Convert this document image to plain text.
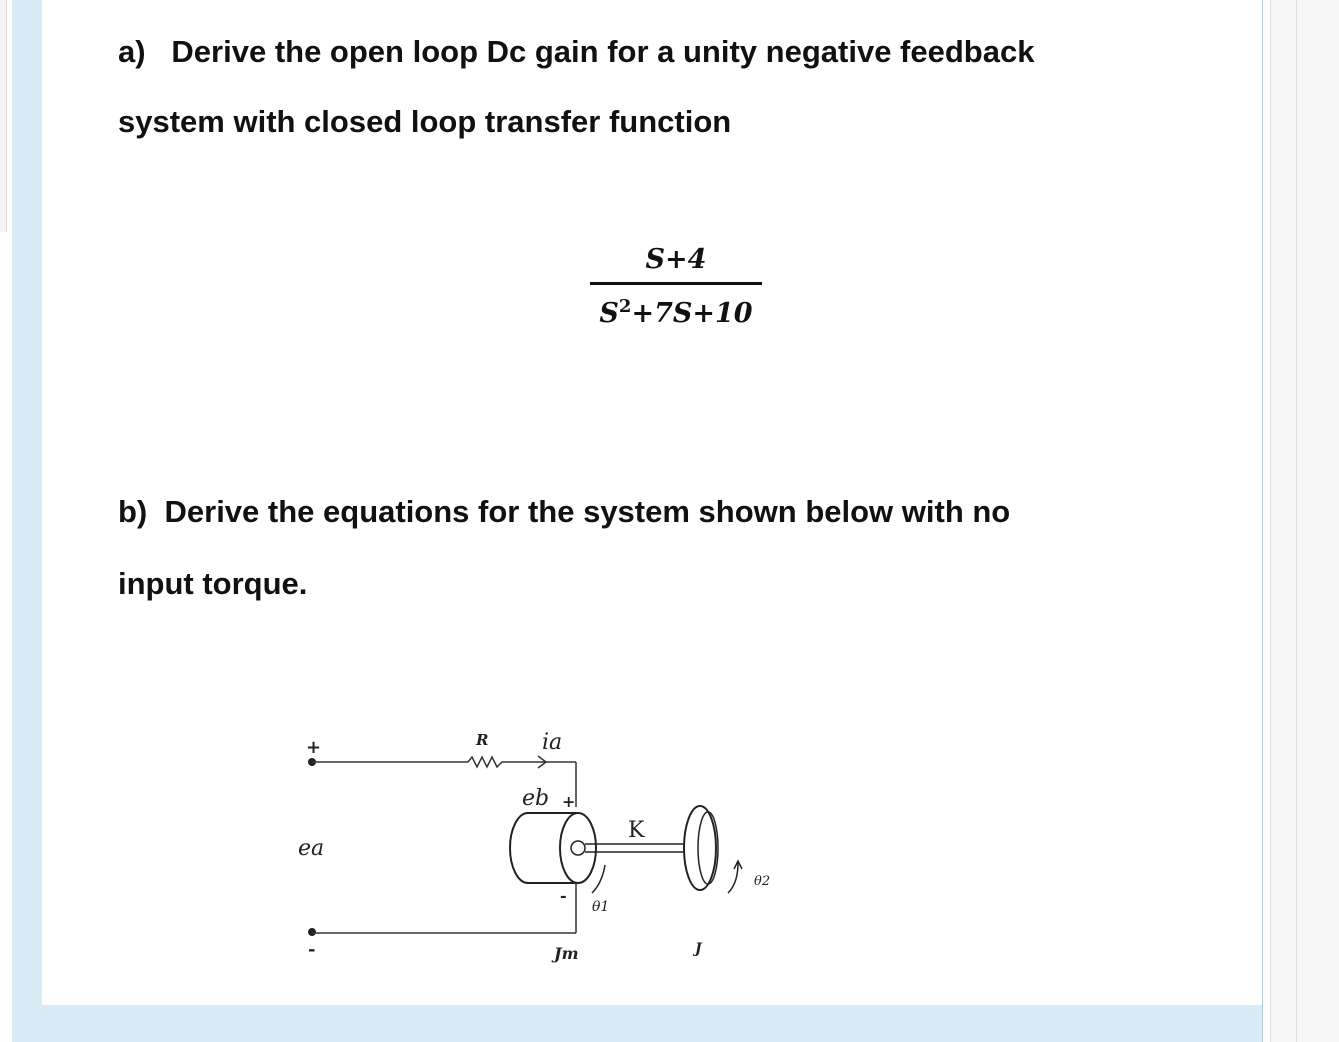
a) Derive the open loop Dc gain for a unity negative feedback
system with closed loop transfer function
S+4
$S^2+7S+10$
b) Derive the equations for the system shown below with no
input torque.
+
-
ea
R ia
eb +
-
K
θ1
θ2
Jm	J
